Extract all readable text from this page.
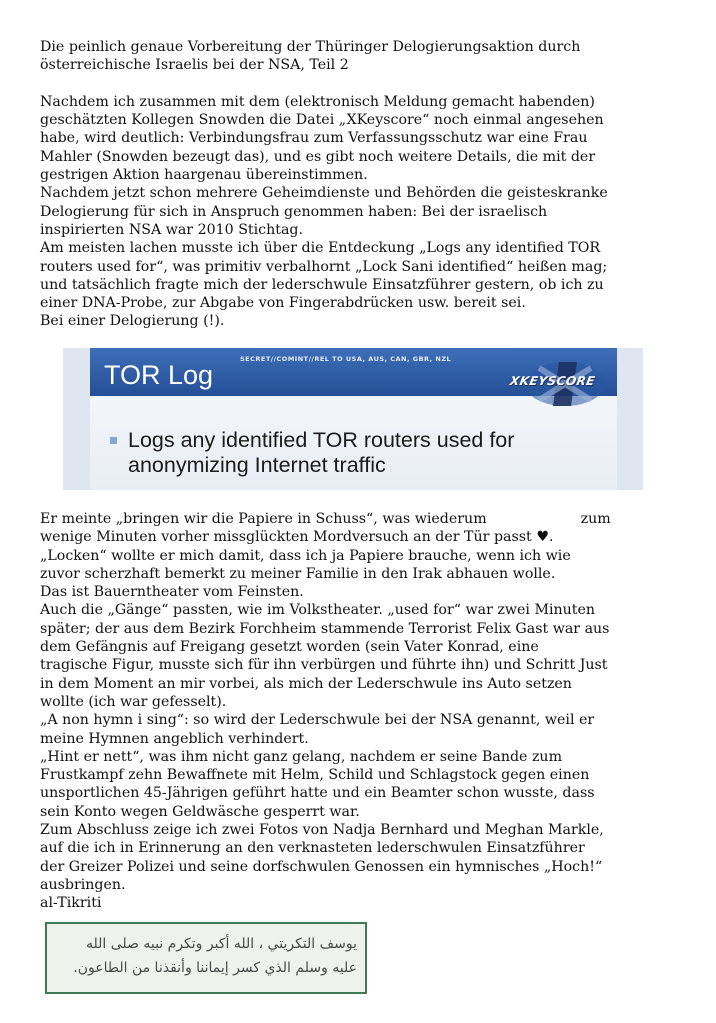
Die peinlich genaue Vorbereitung der Thüringer Delogierungsaktion durch

österreichische Israelis bei der NSA, Teil 2

Nachdem ich zusammen mit dem (elektronisch Meldung gemacht habenden)

geschätzten Kollegen Snowden die Datei „XKeyscore“ noch einmal angesehen

habe, wird deutlich: Verbindungsfrau zum Verfassungsschutz war eine Frau

Mahler (Snowden bezeugt das), und es gibt noch weitere Details, die mit der

gestrigen Aktion haargenau übereinstimmen.

Nachdem jetzt schon mehrere Geheimdienste und Behörden die geisteskranke

Delogierung für sich in Anspruch genommen haben: Bei der israelisch

inspirierten NSA war 2010 Stichtag.

Am meisten lachen musste ich über die Entdeckung „Logs any identified TOR

routers used for“, was primitiv verbalhornt „Lock Sani identified“ heißen mag;

und tatsächlich fragte mich der lederschwule Einsatzführer gestern, ob ich zu

einer DNA-Probe, zur Abgabe von Fingerabdrücken usw. bereit sei.

Bei einer Delogierung (!).

SECRET//COMINT//REL TO USA, AUS, CAN, GBR, NZL
TOR Log	XKEYSCORE
Logs any identified TOR routers used for
anonymizing Internet traffic

Er meinte „bringen wir die Papiere in Schuss“, was wiederum	zum

wenige Minuten vorher missglückten Mordversuch an der Tür passt ♥.

„Locken“ wollte er mich damit, dass ich ja Papiere brauche, wenn ich wie

zuvor scherzhaft bemerkt zu meiner Familie in den Irak abhauen wolle.

Das ist Bauerntheater vom Feinsten.

Auch die „Gänge“ passten, wie im Volkstheater. „used for“ war zwei Minuten

später; der aus dem Bezirk Forchheim stammende Terrorist Felix Gast war aus

dem Gefängnis auf Freigang gesetzt worden (sein Vater Konrad, eine

tragische Figur, musste sich für ihn verbürgen und führte ihn) und Schritt Just

in dem Moment an mir vorbei, als mich der Lederschwule ins Auto setzen

wollte (ich war gefesselt).

„A non hymn i sing“: so wird der Lederschwule bei der NSA genannt, weil er

meine Hymnen angeblich verhindert.

„Hint er nett“, was ihm nicht ganz gelang, nachdem er seine Bande zum

Frustkampf zehn Bewaffnete mit Helm, Schild und Schlagstock gegen einen

unsportlichen 45-Jährigen geführt hatte und ein Beamter schon wusste, dass

sein Konto wegen Geldwäsche gesperrt war.

Zum Abschluss zeige ich zwei Fotos von Nadja Bernhard und Meghan Markle,

auf die ich in Erinnerung an den verknasteten lederschwulen Einsatzführer

der Greizer Polizei und seine dorfschwulen Genossen ein hymnisches „Hoch!“

ausbringen.

al-Tikriti

يوسف التكريتي ، الله أكبر وتكرم نبيه صلى الله
عليه وسلم الذي كسر إيماننا وأنقذنا من الطاعون.
